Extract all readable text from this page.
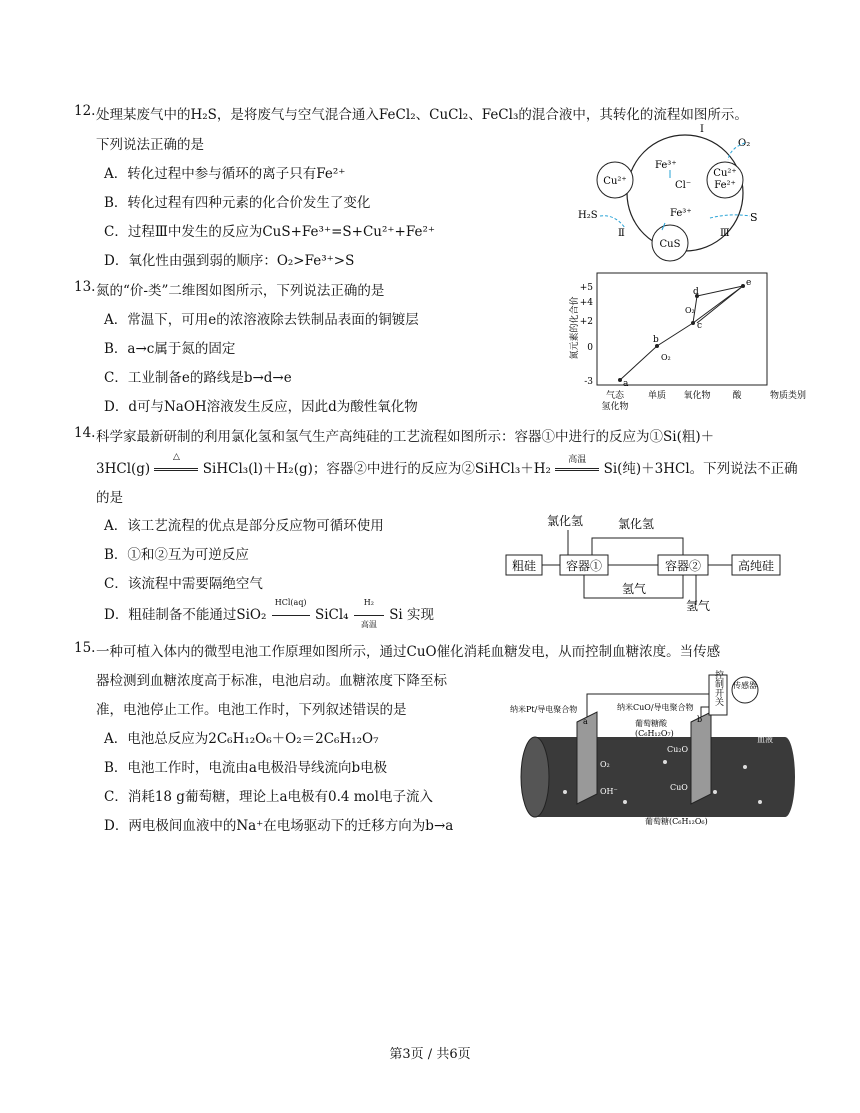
12. 处理某废气中的H₂S，是将废气与空气混合通入FeCl₂、CuCl₂、FeCl₃的混合液中，其转化的流程如图所示。
下列说法正确的是
A．转化过程中参与循环的离子只有Fe²⁺
B．转化过程有四种元素的化合价发生了变化
C．过程Ⅲ中发生的反应为CuS+Fe³⁺=S+Cu²⁺+Fe²⁺
D．氧化性由强到弱的顺序：O₂>Fe³⁺>S
Cu²⁺
Cu²⁺
Fe²⁺
CuS
Fe³⁺
Cl⁻
Fe³⁺
Ⅰ
O₂
H₂S
Ⅱ	Ⅲ
S
13. 氮的“价-类”二维图如图所示，下列说法正确的是
A．常温下，可用e的浓溶液除去铁制品表面的铜镀层
B．a→c属于氮的固定
C．工业制备e的路线是b→d→e
D．d可与NaOH溶液发生反应，因此d为酸性氧化物
氮元素的化合价
+5
+4
+2
0
-3
气态
氢化物
单质 氧化物 酸	物质类别
a
b
c
d
e
O₂
O₂
14. 科学家最新研制的利用氯化氢和氢气生产高纯硅的工艺流程如图所示：容器①中进行的反应为①Si(粗)＋
3HCl(g)
△
SiHCl₃(l)＋H₂(g)；容器②中进行的反应为②SiHCl₃＋H₂
高温
Si(纯)＋3HCl。下列说法不正确
的是
A．该工艺流程的优点是部分反应物可循环使用
B．①和②互为可逆反应
C．该流程中需要隔绝空气
D．粗硅制备不能通过SiO₂
HCl(aq)
SiCl₄
H₂
高温
Si 实现
氯化氢	氯化氢
粗硅 容器①	容器②	高纯硅
氢气
氢气
15. 一种可植入体内的微型电池工作原理如图所示，通过CuO催化消耗血糖发电，从而控制血糖浓度。当传感
器检测到血糖浓度高于标准，电池启动。血糖浓度下降至标
准，电池停止工作。电池工作时，下列叙述错误的是
A．电池总反应为2C₆H₁₂O₆＋O₂＝2C₆H₁₂O₇
B．电池工作时，电流由a电极沿导线流向b电极
C．消耗18 g葡萄糖，理论上a电极有0.4 mol电子流入
D．两电极间血液中的Na⁺在电场驱动下的迁移方向为b→a
控制开关 传感器
纳米Pt/导电聚合物	纳米CuO/导电聚合物
a	b
葡萄糖酸
(C₆H₁₂O₇)
血液
O₂
OH⁻
Cu₂O
CuO
葡萄糖(C₆H₁₂O₆)
第3页 / 共6页
